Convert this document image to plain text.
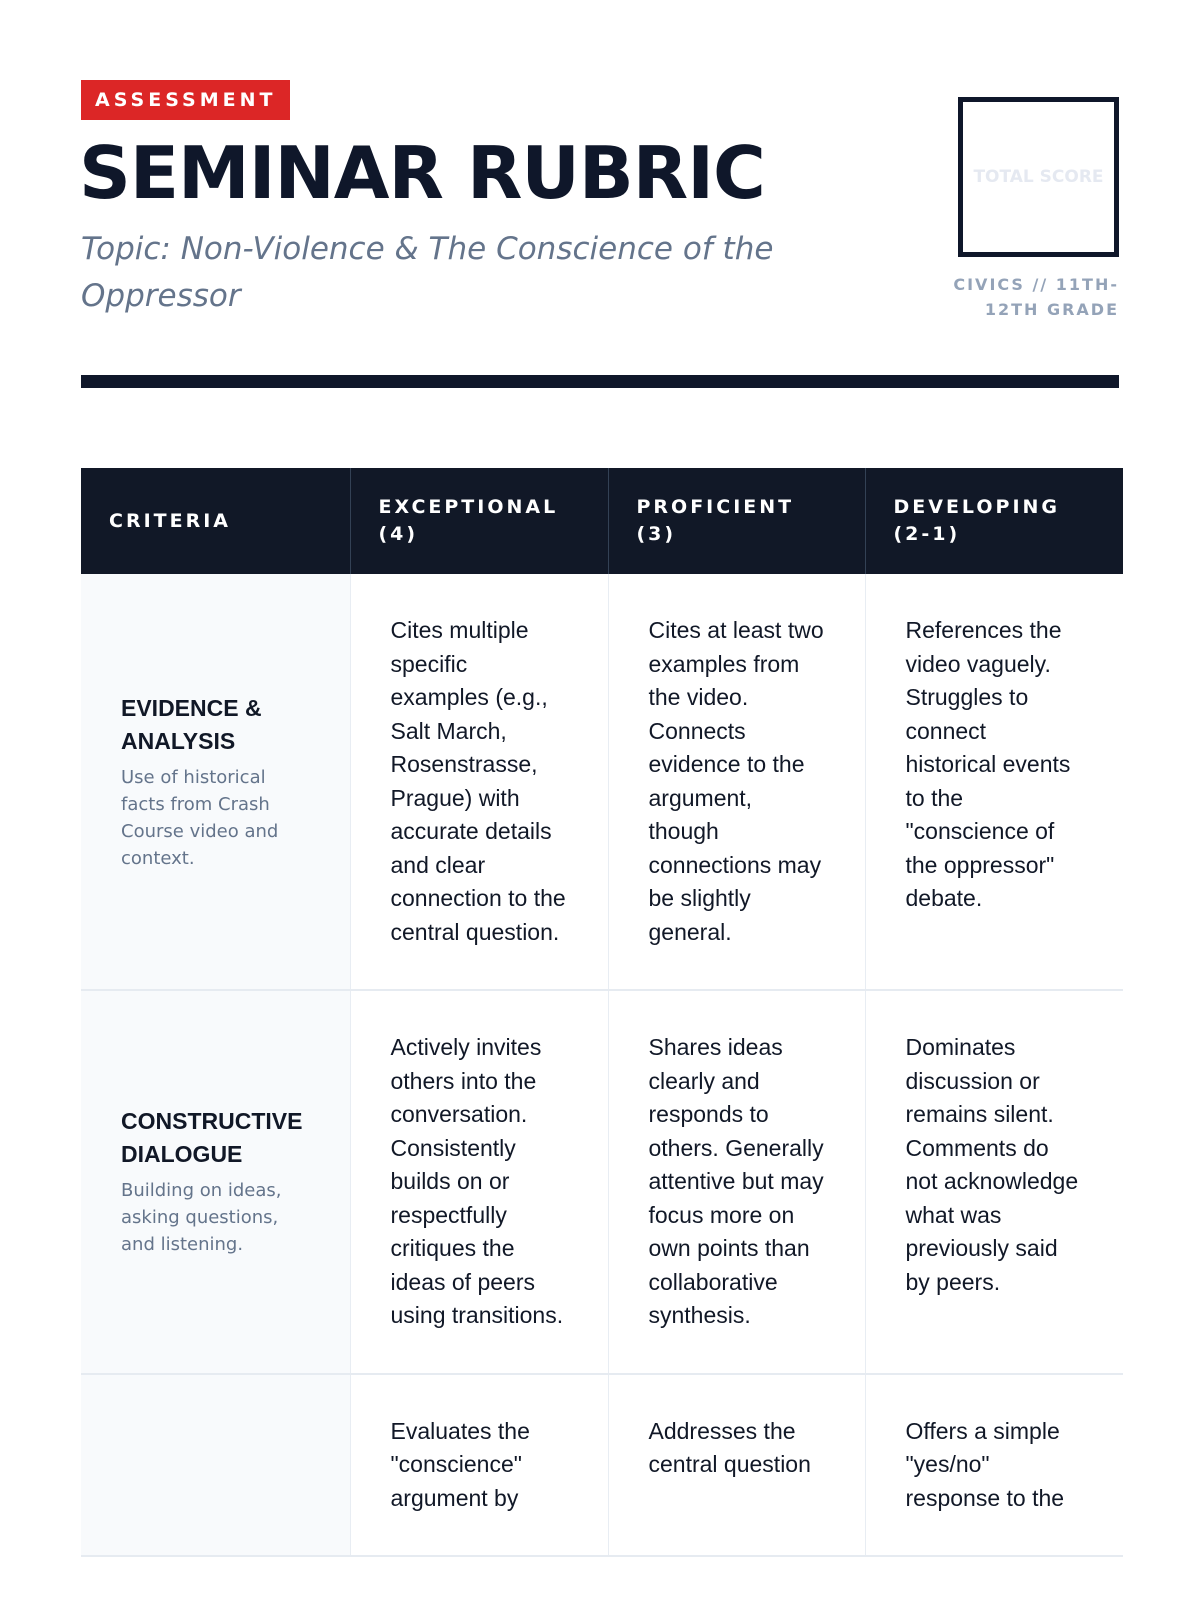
ASSESSMENT
SEMINAR RUBRIC

Topic: Non-Violence & The Conscience of the Oppressor

TOTAL SCORE
CIVICS // 11TH-12TH GRADE
CRITERIA	EXCEPTIONAL (4)	PROFICIENT (3)	DEVELOPING (2-1)

EVIDENCE & ANALYSIS
Use of historical facts from Crash Course video and context.	Cites multiple specific examples (e.g., Salt March, Rosenstrasse, Prague) with accurate details and clear connection to the central question.	Cites at least two examples from the video. Connects evidence to the argument, though connections may be slightly general.	References the video vaguely. Struggles to connect historical events to the "conscience of the oppressor" debate.

CONSTRUCTIVE DIALOGUE
Building on ideas, asking questions, and listening.	Actively invites others into the conversation. Consistently builds on or respectfully critiques the ideas of peers using transitions.	Shares ideas clearly and responds to others. Generally attentive but may focus more on own points than collaborative synthesis.	Dominates discussion or remains silent. Comments do not acknowledge what was previously said by peers.

	Evaluates the "conscience" argument by	Addresses the central question	Offers a simple "yes/no" response to the
